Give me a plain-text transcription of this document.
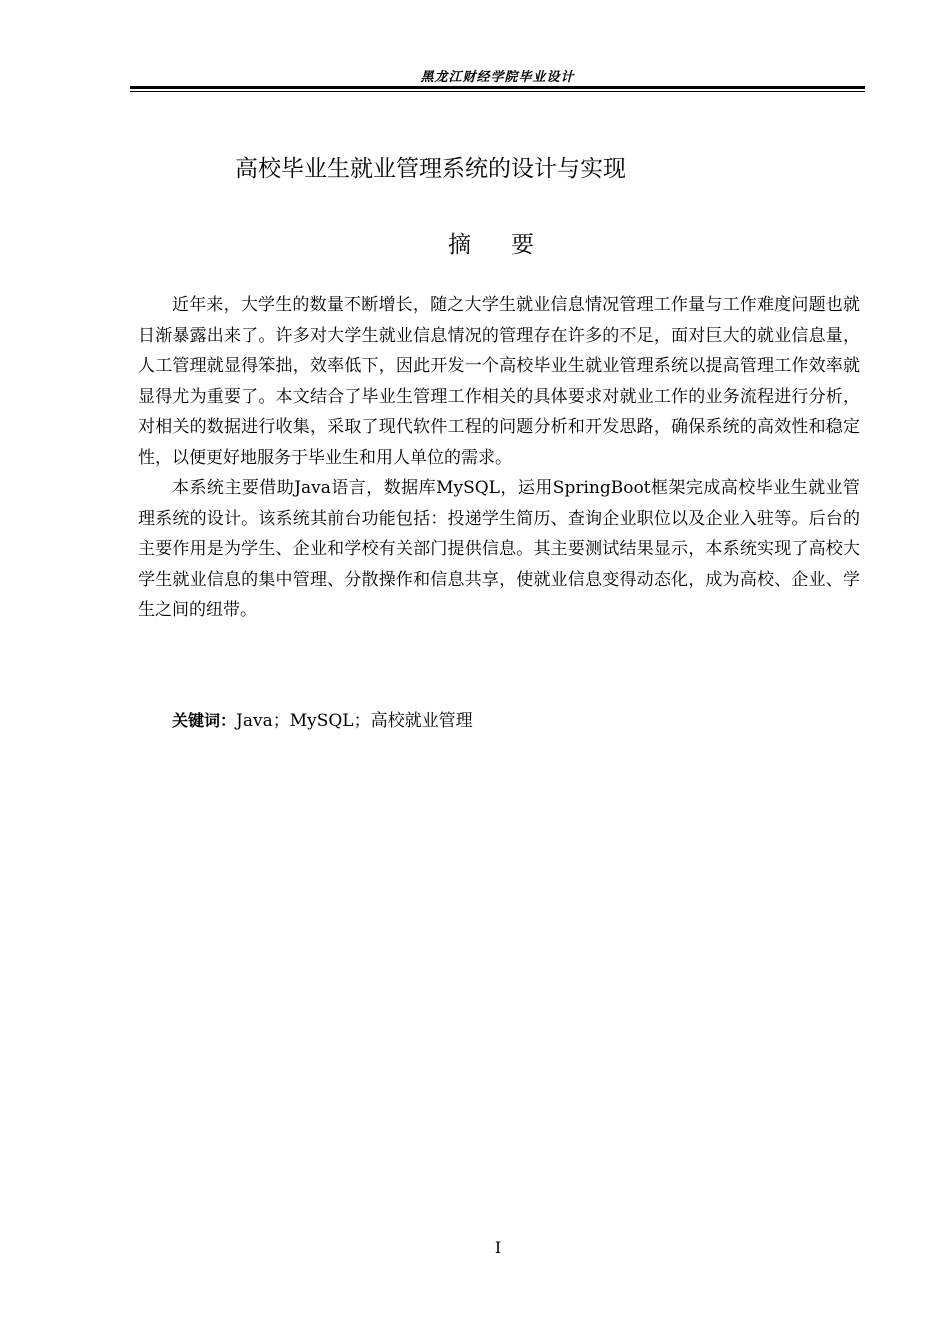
黑龙江财经学院毕业设计
高校毕业生就业管理系统的设计与实现
摘要

近年来，大学生的数量不断增长，随之大学生就业信息情况管理工作量与工作难度问题也就日渐暴露出来了。许多对大学生就业信息情况的管理存在许多的不足，面对巨大的就业信息量，人工管理就显得笨拙，效率低下，因此开发一个高校毕业生就业管理系统以提高管理工作效率就显得尤为重要了。本文结合了毕业生管理工作相关的具体要求对就业工作的业务流程进行分析，对相关的数据进行收集，采取了现代软件工程的问题分析和开发思路，确保系统的高效性和稳定性，以便更好地服务于毕业生和用人单位的需求。

本系统主要借助Java语言，数据库MySQL，运用SpringBoot框架完成高校毕业生就业管理系统的设计。该系统其前台功能包括：投递学生简历、查询企业职位以及企业入驻等。后台的主要作用是为学生、企业和学校有关部门提供信息。其主要测试结果显示，本系统实现了高校大学生就业信息的集中管理、分散操作和信息共享，使就业信息变得动态化，成为高校、企业、学生之间的纽带。

关键词：Java；MySQL；高校就业管理
I
